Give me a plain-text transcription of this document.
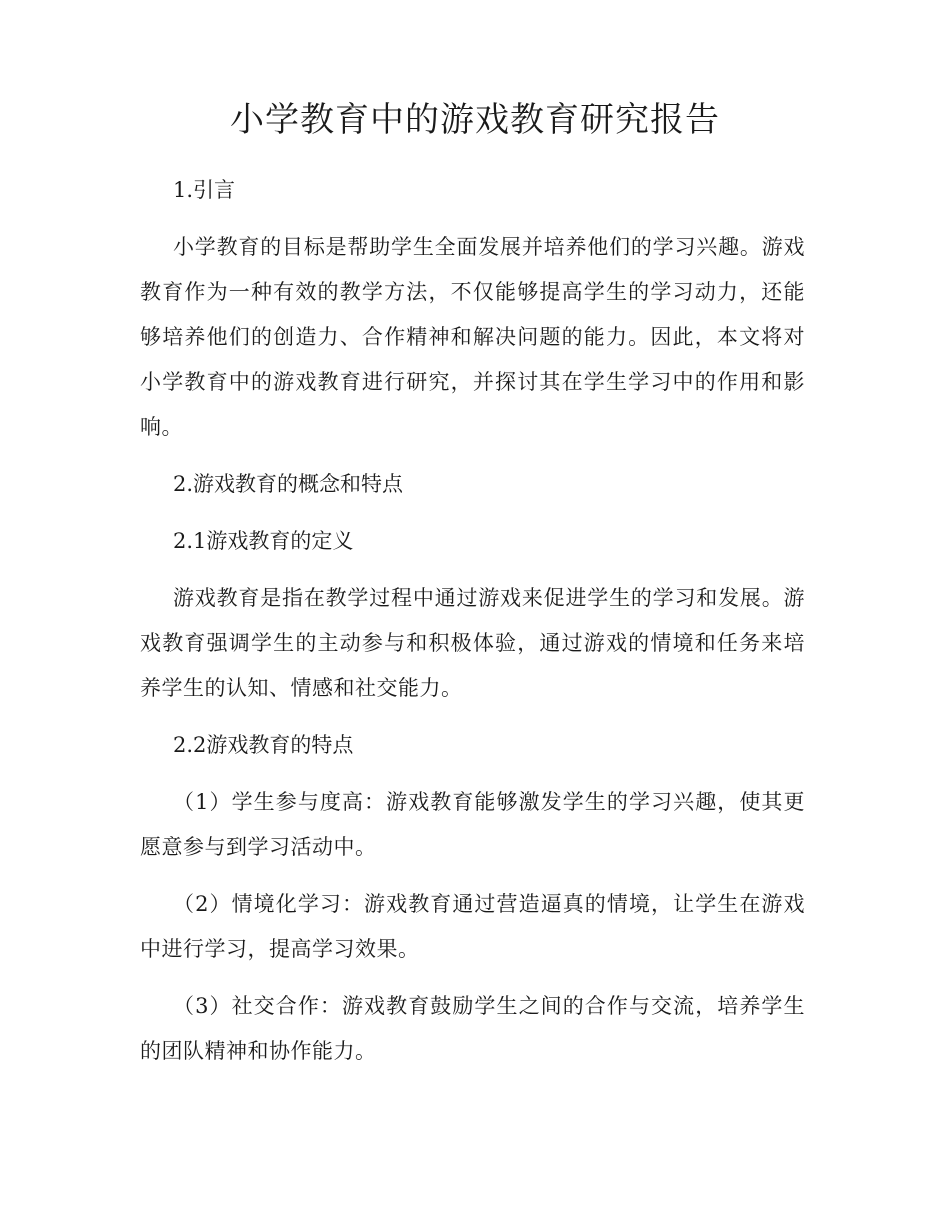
小学教育中的游戏教育研究报告

1.引言

小学教育的目标是帮助学生全面发展并培养他们的学习兴趣。游戏教育作为一种有效的教学方法，不仅能够提高学生的学习动力，还能够培养他们的创造力、合作精神和解决问题的能力。因此，本文将对小学教育中的游戏教育进行研究，并探讨其在学生学习中的作用和影响。

2.游戏教育的概念和特点

2.1游戏教育的定义

游戏教育是指在教学过程中通过游戏来促进学生的学习和发展。游戏教育强调学生的主动参与和积极体验，通过游戏的情境和任务来培养学生的认知、情感和社交能力。

2.2游戏教育的特点

（1）学生参与度高：游戏教育能够激发学生的学习兴趣，使其更愿意参与到学习活动中。

（2）情境化学习：游戏教育通过营造逼真的情境，让学生在游戏中进行学习，提高学习效果。

（3）社交合作：游戏教育鼓励学生之间的合作与交流，培养学生的团队精神和协作能力。
